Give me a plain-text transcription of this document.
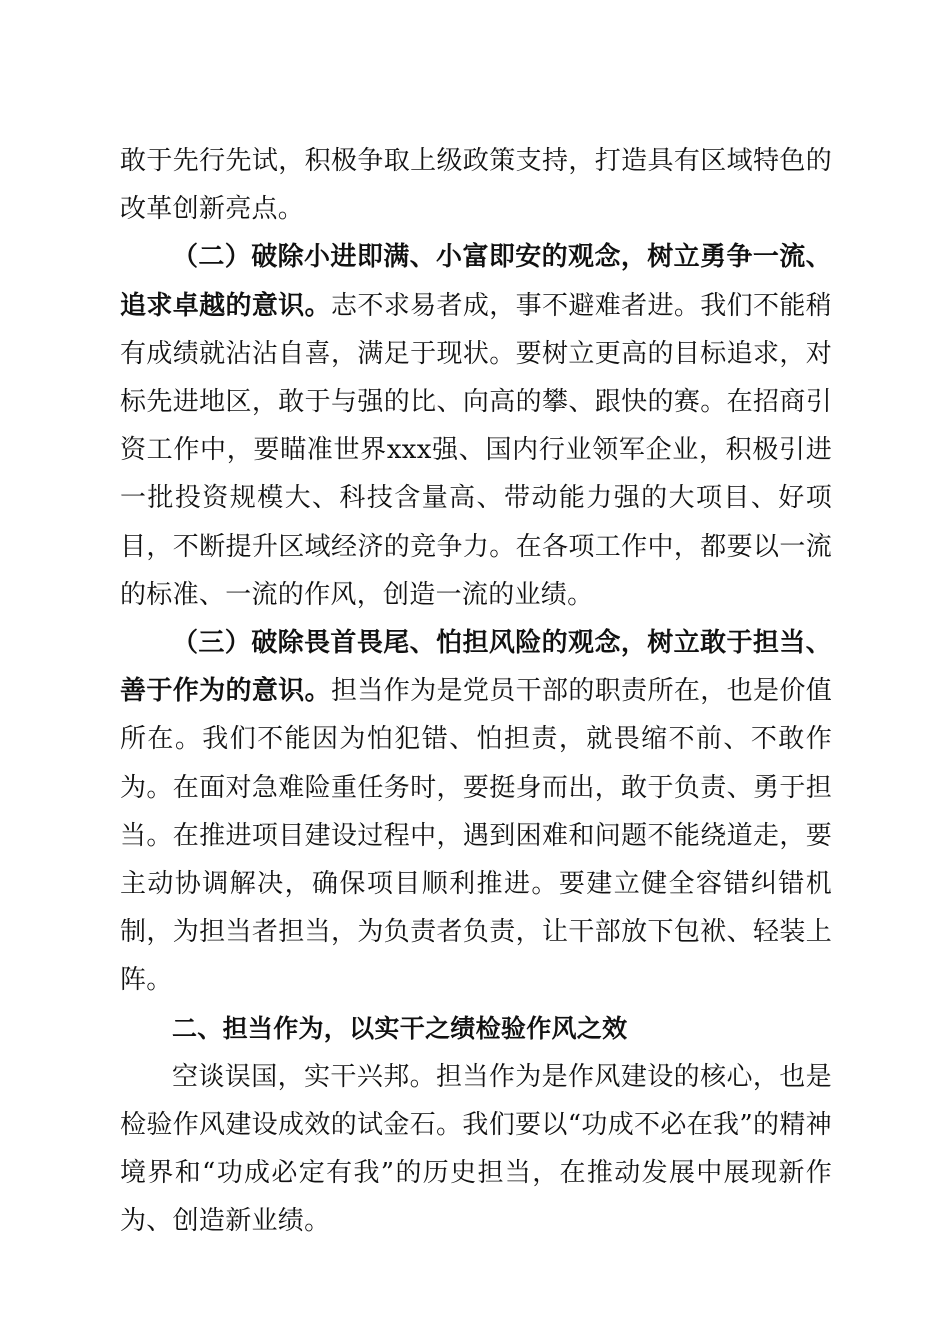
敢于先行先试，积极争取上级政策支持，打造具有区域特色的改革创新亮点。

（二）破除小进即满、小富即安的观念，树立勇争一流、追求卓越的意识。志不求易者成，事不避难者进。我们不能稍有成绩就沾沾自喜，满足于现状。要树立更高的目标追求，对标先进地区，敢于与强的比、向高的攀、跟快的赛。在招商引资工作中，要瞄准世界xxx强、国内行业领军企业，积极引进一批投资规模大、科技含量高、带动能力强的大项目、好项目，不断提升区域经济的竞争力。在各项工作中，都要以一流的标准、一流的作风，创造一流的业绩。

（三）破除畏首畏尾、怕担风险的观念，树立敢于担当、善于作为的意识。担当作为是党员干部的职责所在，也是价值所在。我们不能因为怕犯错、怕担责，就畏缩不前、不敢作为。在面对急难险重任务时，要挺身而出，敢于负责、勇于担当。在推进项目建设过程中，遇到困难和问题不能绕道走，要主动协调解决，确保项目顺利推进。要建立健全容错纠错机制，为担当者担当，为负责者负责，让干部放下包袱、轻装上阵。

二、担当作为，以实干之绩检验作风之效

空谈误国，实干兴邦。担当作为是作风建设的核心，也是检验作风建设成效的试金石。我们要以“功成不必在我”的精神境界和“功成必定有我”的历史担当，在推动发展中展现新作为、创造新业绩。
